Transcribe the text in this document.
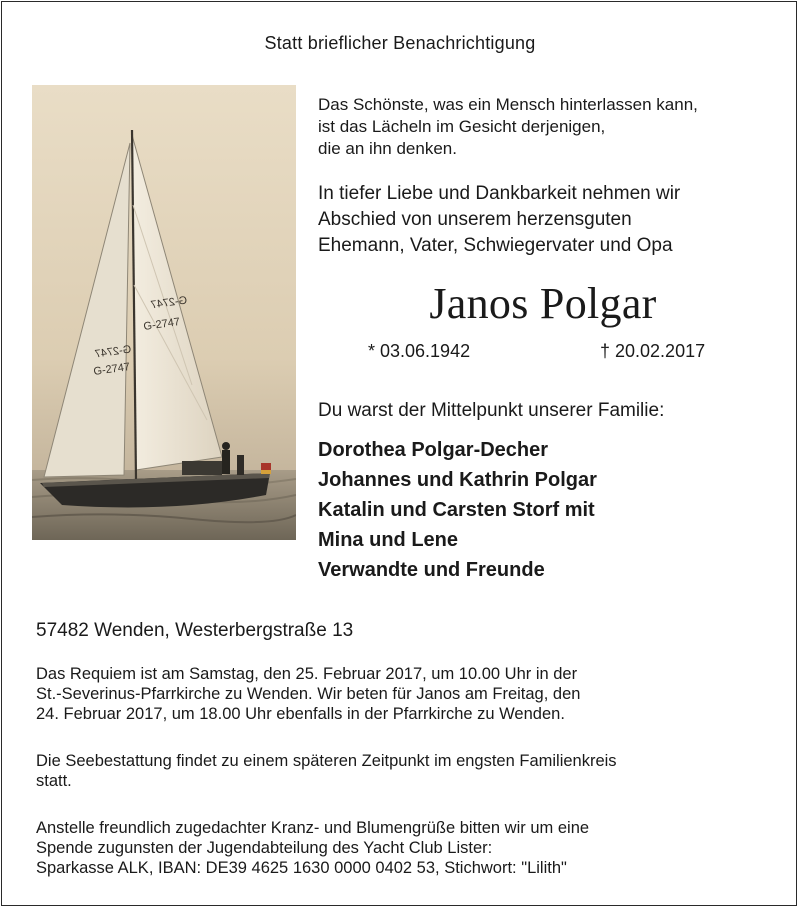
Statt brieflicher Benachrichtigung
G-2747
G-2747
G-2747
G-2747
Das Schönste, was ein Mensch hinterlassen kann,
ist das Lächeln im Gesicht derjenigen,
die an ihn denken.
In tiefer Liebe und Dankbarkeit nehmen wir
Abschied von unserem herzensguten
Ehemann, Vater, Schwiegervater und Opa
Janos Polgar
* 03.06.1942	† 20.02.2017
Du warst der Mittelpunkt unserer Familie:
Dorothea Polgar-Decher
Johannes und Kathrin Polgar
Katalin und Carsten Storf mit
Mina und Lene
Verwandte und Freunde
57482 Wenden, Westerbergstraße 13
Das Requiem ist am Samstag, den 25. Februar 2017, um 10.00 Uhr in der
St.-Severinus-Pfarrkirche zu Wenden. Wir beten für Janos am Freitag, den
24. Februar 2017, um 18.00 Uhr ebenfalls in der Pfarrkirche zu Wenden.
Die Seebestattung findet zu einem späteren Zeitpunkt im engsten Familienkreis
statt.
Anstelle freundlich zugedachter Kranz- und Blumengrüße bitten wir um eine
Spende zugunsten der Jugendabteilung des Yacht Club Lister:
Sparkasse ALK, IBAN: DE39 4625 1630 0000 0402 53, Stichwort: "Lilith"
